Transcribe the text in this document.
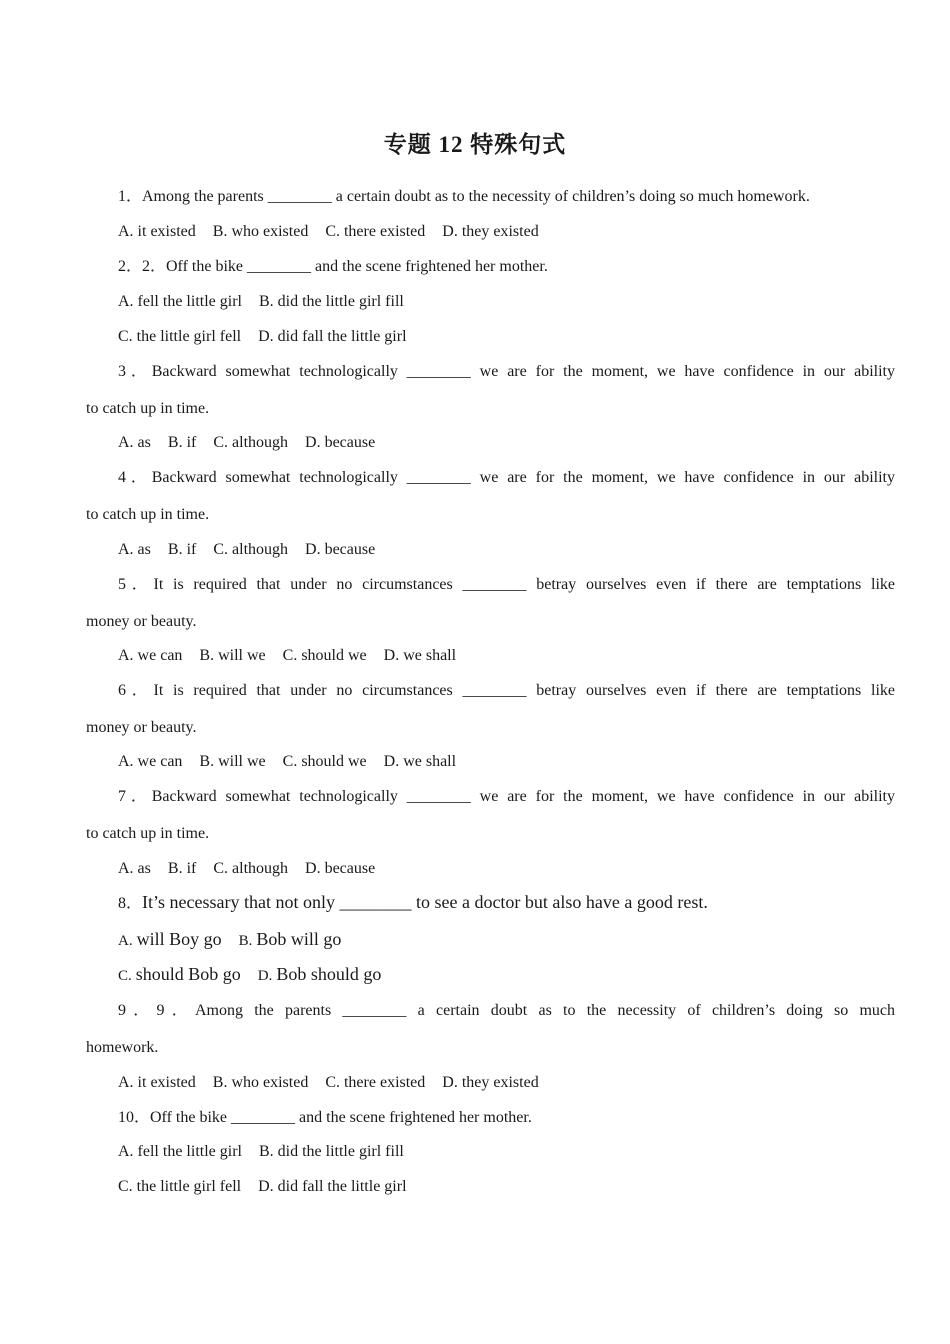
专题 12 特殊句式
1．Among the parents ________ a certain doubt as to the necessity of children’s doing so much homework.
A. it existed B. who existed C. there existed D. they existed
2．2．Off the bike ________ and the scene frightened her mother.
A. fell the little girl B. did the little girl fill
C. the little girl fell D. did fall the little girl
3．Backward somewhat technologically ________ we are for the moment, we have confidence in our ability
to catch up in time.
A. as B. if C. although D. because
4．Backward somewhat technologically ________ we are for the moment, we have confidence in our ability
to catch up in time.
A. as B. if C. although D. because
5．It is required that under no circumstances ________ betray ourselves even if there are temptations like
money or beauty.
A. we can B. will we C. should we D. we shall
6．It is required that under no circumstances ________ betray ourselves even if there are temptations like
money or beauty.
A. we can B. will we C. should we D. we shall
7．Backward somewhat technologically ________ we are for the moment, we have confidence in our ability
to catch up in time.
A. as B. if C. although D. because
8．It’s necessary that not only ________ to see a doctor but also have a good rest.
A. will Boy go B. Bob will go
C. should Bob go D. Bob should go
9．9．Among the parents ________ a certain doubt as to the necessity of children’s doing so much
homework.
A. it existed B. who existed C. there existed D. they existed
10．Off the bike ________ and the scene frightened her mother.
A. fell the little girl B. did the little girl fill
C. the little girl fell D. did fall the little girl
